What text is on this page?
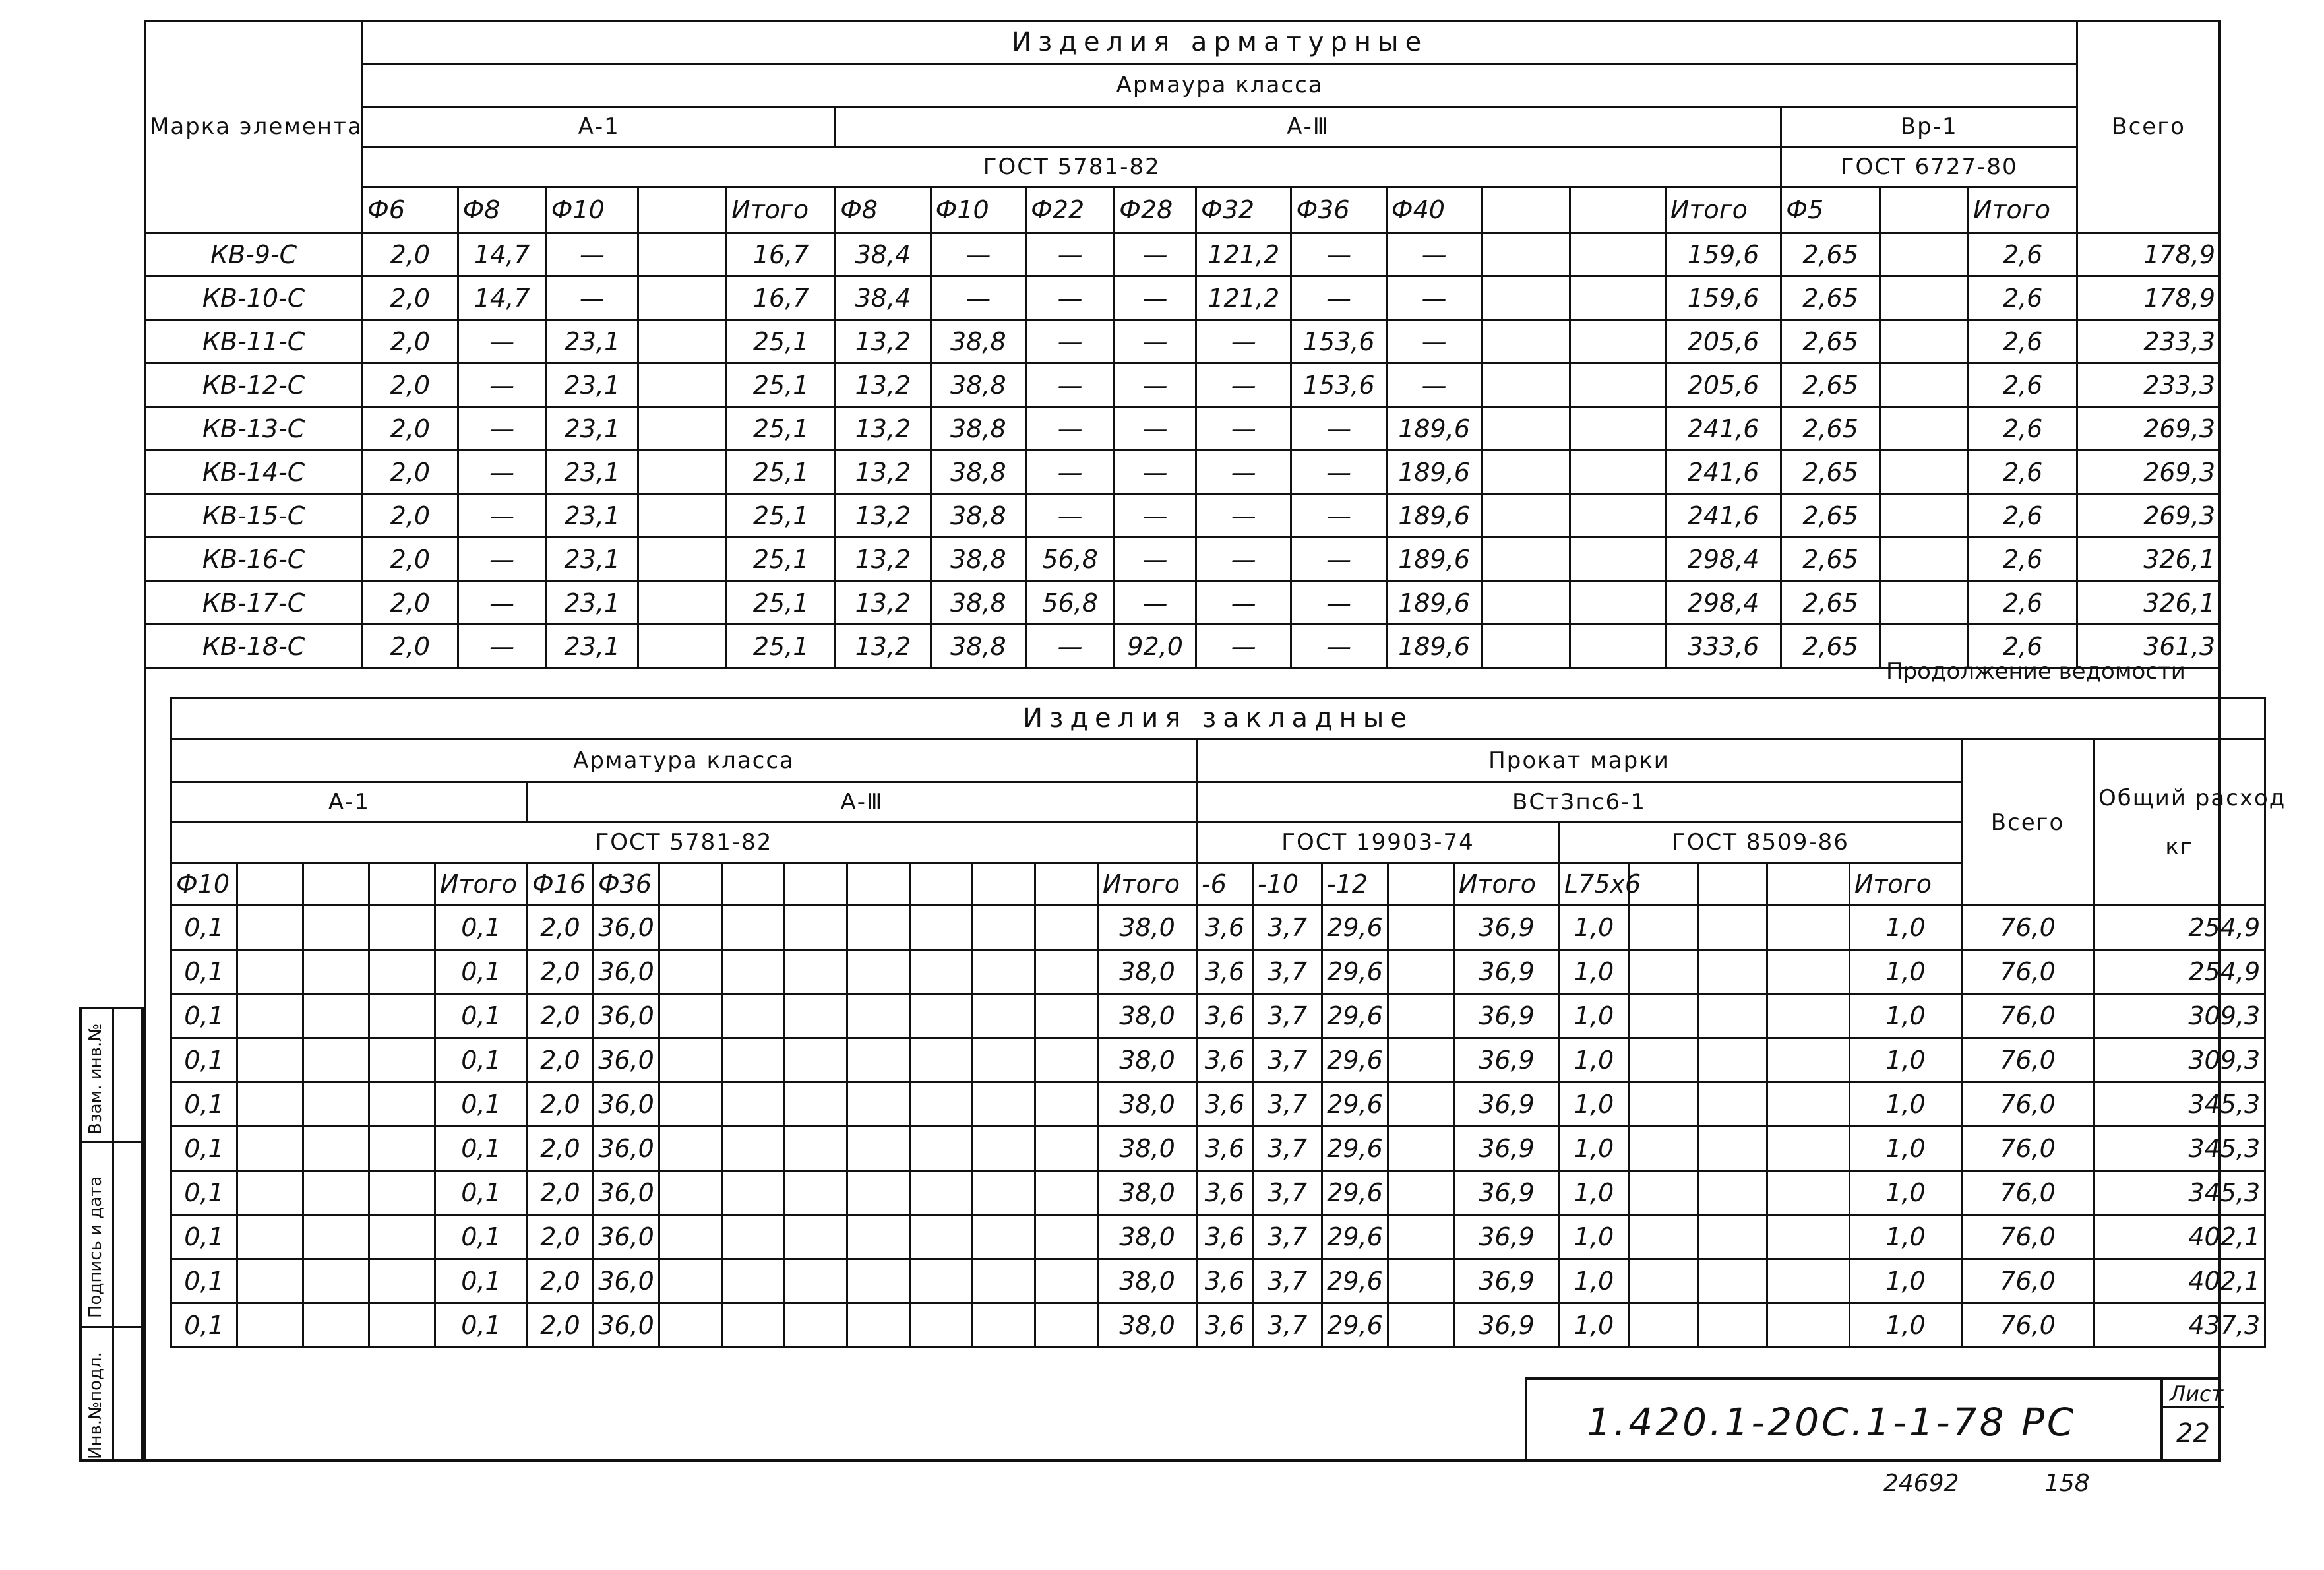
Марка элемента	Изделия арматурные																		Всего
	Армаура класса																		
	А-1					А-Ⅲ										Вр-1			
	ГОСТ 5781-82															ГОСТ 6727-80			
	Ф6	Ф8	Ф10		Итого	Ф8	Ф10	Ф22	Ф28	Ф32	Ф36	Ф40			Итого	Ф5		Итого	
КВ-9-С	2,0	14,7	—		16,7	38,4	—	—	—	121,2	—	—			159,6	2,65		2,6	178,9
КВ-10-С	2,0	14,7	—		16,7	38,4	—	—	—	121,2	—	—			159,6	2,65		2,6	178,9
КВ-11-С	2,0	—	23,1		25,1	13,2	38,8	—	—	—	153,6	—			205,6	2,65		2,6	233,3
КВ-12-С	2,0	—	23,1		25,1	13,2	38,8	—	—	—	153,6	—			205,6	2,65		2,6	233,3
КВ-13-С	2,0	—	23,1		25,1	13,2	38,8	—	—	—	—	189,6			241,6	2,65		2,6	269,3
КВ-14-С	2,0	—	23,1		25,1	13,2	38,8	—	—	—	—	189,6			241,6	2,65		2,6	269,3
КВ-15-С	2,0	—	23,1		25,1	13,2	38,8	—	—	—	—	189,6			241,6	2,65		2,6	269,3
КВ-16-С	2,0	—	23,1		25,1	13,2	38,8	56,8	—	—	—	189,6			298,4	2,65		2,6	326,1
КВ-17-С	2,0	—	23,1		25,1	13,2	38,8	56,8	—	—	—	189,6			298,4	2,65		2,6	326,1
КВ-18-С	2,0	—	23,1		25,1	13,2	38,8	—	92,0	—	—	189,6			333,6	2,65		2,6	361,3
Продолжение ведомости
Изделия закладные																										
Арматура класса															Прокат марки										Всего	Общий расход
кг

А-1					А-Ⅲ										ВСт3пс6-1											
ГОСТ 5781-82															ГОСТ 19903-74					ГОСТ 8509-86						
Ф10				Итого	Ф16	Ф36								Итого	-6	-10	-12		Итого	L75х6				Итого		
0,1				0,1	2,0	36,0								38,0	3,6	3,7	29,6		36,9	1,0				1,0	76,0	254,9
0,1				0,1	2,0	36,0								38,0	3,6	3,7	29,6		36,9	1,0				1,0	76,0	254,9
0,1				0,1	2,0	36,0								38,0	3,6	3,7	29,6		36,9	1,0				1,0	76,0	309,3
0,1				0,1	2,0	36,0								38,0	3,6	3,7	29,6		36,9	1,0				1,0	76,0	309,3
0,1				0,1	2,0	36,0								38,0	3,6	3,7	29,6		36,9	1,0				1,0	76,0	345,3
0,1				0,1	2,0	36,0								38,0	3,6	3,7	29,6		36,9	1,0				1,0	76,0	345,3
0,1				0,1	2,0	36,0								38,0	3,6	3,7	29,6		36,9	1,0				1,0	76,0	345,3
0,1				0,1	2,0	36,0								38,0	3,6	3,7	29,6		36,9	1,0				1,0	76,0	402,1
0,1				0,1	2,0	36,0								38,0	3,6	3,7	29,6		36,9	1,0				1,0	76,0	402,1
0,1				0,1	2,0	36,0								38,0	3,6	3,7	29,6		36,9	1,0				1,0	76,0	437,3
Инв.№подл.
Подпись и дата
Взам. инв.№
1.420.1-20С.1-1-78 РС
Лист
22
24692	158
